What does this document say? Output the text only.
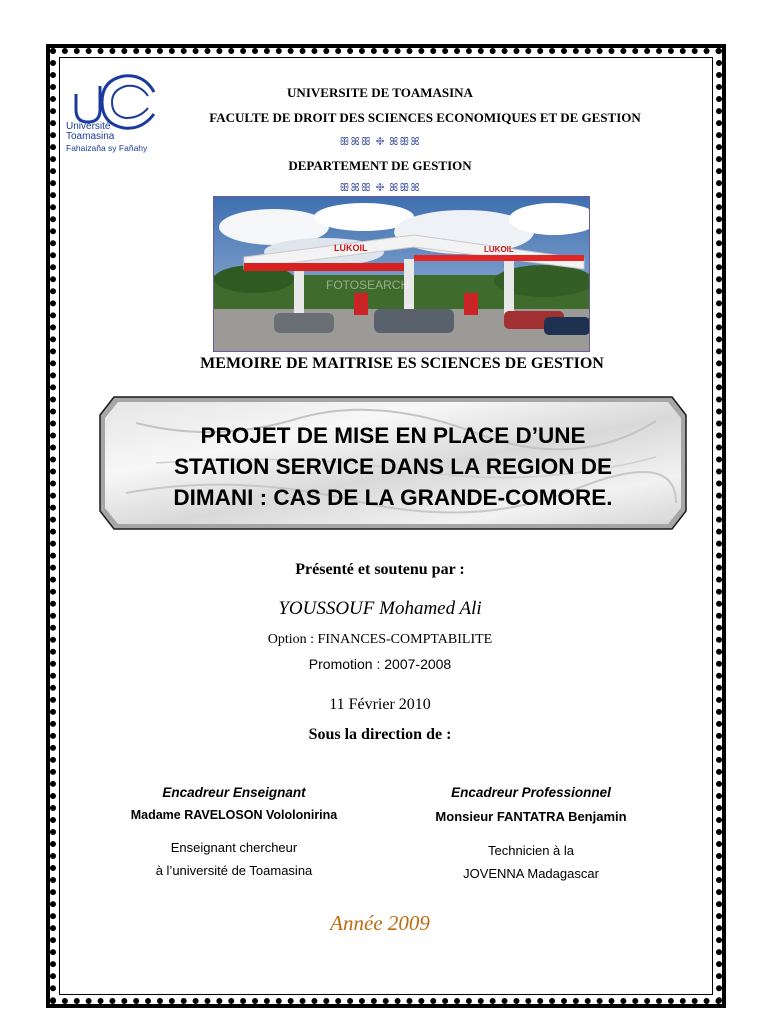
Université
Toamasina
Fahaizaña sy Fañahy
UNIVERSITE DE TOAMASINA
FACULTE DE DROIT DES SCIENCES ECONOMIQUES ET DE GESTION
ꕥꕤꕥ ❈ ꕤꕥꕤ
DEPARTEMENT DE GESTION
ꕥꕤꕥ ❈ ꕤꕥꕤ
LUKOIL	LUKOIL
FOTOSEARCH
MEMOIRE DE MAITRISE ES SCIENCES DE GESTION
PROJET DE MISE EN PLACE D’UNE
STATION SERVICE DANS LA REGION DE
DIMANI : CAS DE LA GRANDE-COMORE.
Présenté et soutenu par :
YOUSSOUF Mohamed Ali
Option : FINANCES-COMPTABILITE
Promotion : 2007-2008
11 Février 2010
Sous la direction de :
Encadreur Enseignant
Madame RAVELOSON Vololonirina
Enseignant chercheur
à l’université de Toamasina
Encadreur Professionnel
Monsieur FANTATRA Benjamin
Technicien à la
JOVENNA Madagascar
Année 2009
